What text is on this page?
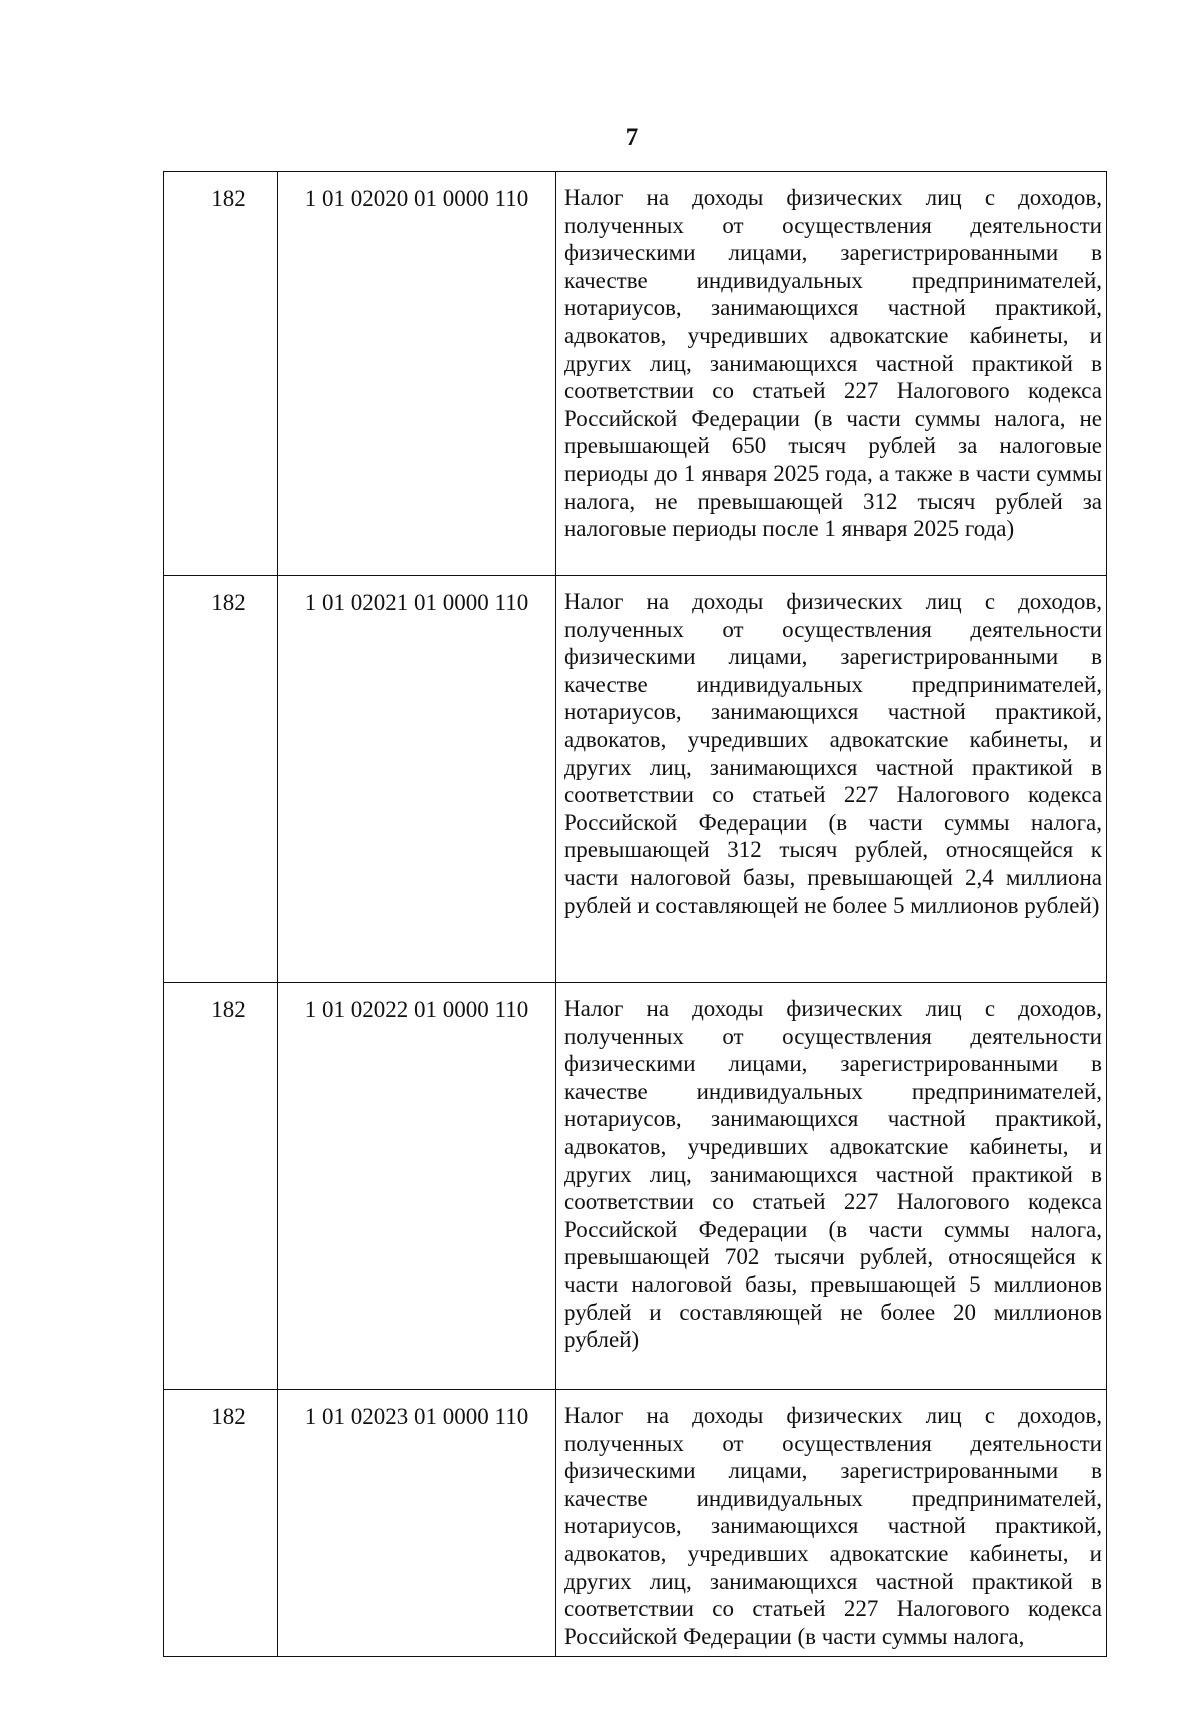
7
182	1 01 02020 01 0000 110	Налог на доходы физических лиц с доходов, полученных от осуществления деятельности физическими лицами, зарегистрированными в качестве индивидуальных предпринимателей, нотариусов, занимающихся частной практикой, адвокатов, учредивших адвокатские кабинеты, и других лиц, занимающихся частной практикой в соответствии со статьей 227 Налогового кодекса Российской Федерации (в части суммы налога, не превышающей 650 тысяч рублей за налоговые периоды до 1 января 2025 года, а также в части суммы налога, не превышающей 312 тысяч рублей за налоговые периоды после 1 января 2025 года)
182	1 01 02021 01 0000 110	Налог на доходы физических лиц с доходов, полученных от осуществления деятельности физическими лицами, зарегистрированными в качестве индивидуальных предпринимателей, нотариусов, занимающихся частной практикой, адвокатов, учредивших адвокатские кабинеты, и других лиц, занимающихся частной практикой в соответствии со статьей 227 Налогового кодекса Российской Федерации (в части суммы налога, превышающей 312 тысяч рублей, относящейся к части налоговой базы, превышающей 2,4 миллиона рублей и составляющей не более 5 миллионов рублей)
182	1 01 02022 01 0000 110	Налог на доходы физических лиц с доходов, полученных от осуществления деятельности физическими лицами, зарегистрированными в качестве индивидуальных предпринимателей, нотариусов, занимающихся частной практикой, адвокатов, учредивших адвокатские кабинеты, и других лиц, занимающихся частной практикой в соответствии со статьей 227 Налогового кодекса Российской Федерации (в части суммы налога, превышающей 702 тысячи рублей, относящейся к части налоговой базы, превышающей 5 миллионов рублей и составляющей не более 20 миллионов рублей)
182	1 01 02023 01 0000 110	Налог на доходы физических лиц с доходов, полученных от осуществления деятельности физическими лицами, зарегистрированными в качестве индивидуальных предпринимателей, нотариусов, занимающихся частной практикой, адвокатов, учредивших адвокатские кабинеты, и других лиц, занимающихся частной практикой в соответствии со статьей 227 Налогового кодекса Российской Федерации (в части суммы налога,
